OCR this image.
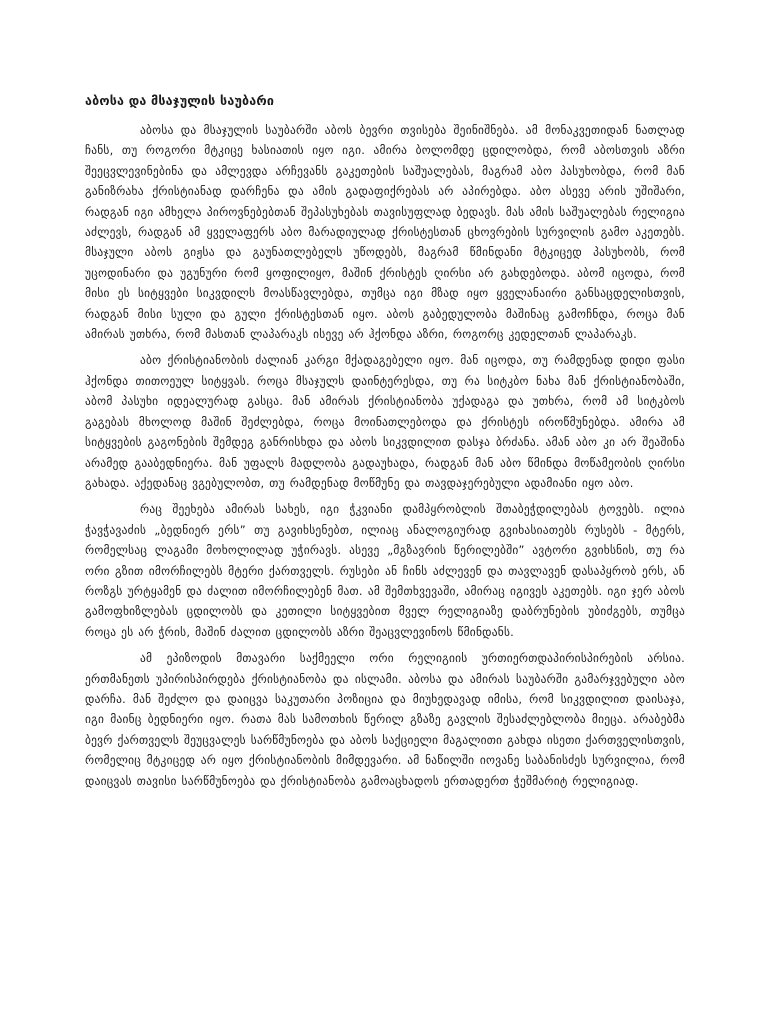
აბოსა და მსაჯულის საუბარი

აბოსა და მსაჯულის საუბარში აბოს ბევრი თვისება შეინიშნება. ამ მონაკვეთიდან ნათლად ჩანს, თუ როგორი მტკიცე ხასიათის იყო იგი. ამირა ბოლომდე ცდილობდა, რომ აბოსთვის აზრი შეეცვლევინებინა და ამლევდა არჩევანს გაკეთების საშუალებას, მაგრამ აბო პასუხობდა, რომ მან განიზრახა ქრისტიანად დარჩენა და ამის გადაფიქრებას არ აპირებდა. აბო ასევე არის უშიშარი, რადგან იგი ამხელა პიროვნებებთან შეპასუხებას თავისუფლად ბედავს. მას ამის საშუალებას რელიგია აძლევს, რადგან ამ ყველაფერს აბო მარადიულად ქრისტესთან ცხოვრების სურვილის გამო აკეთებს. მსაჯული აბოს გიჟსა და გაუნათლებელს უწოდებს, მაგრამ წმინდანი მტკიცედ პასუხობს, რომ უცოდინარი და უგუნური რომ ყოფილიყო, მაშინ ქრისტეს ღირსი არ გახდებოდა. აბომ იცოდა, რომ მისი ეს სიტყვები სიკვდილს მოასწავლებდა, თუმცა იგი მზად იყო ყველანაირი განსაცდელისთვის, რადგან მისი სული და გული ქრისტესთან იყო. აბოს გაბედულობა მაშინაც გამოჩნდა, როცა მან ამირას უთხრა, რომ მასთან ლაპარაკს ისევე არ ჰქონდა აზრი, როგორც კედელთან ლაპარაკს.

აბო ქრისტიანობის ძალიან კარგი მქადაგებელი იყო. მან იცოდა, თუ რამდენად დიდი ფასი ჰქონდა თითოეულ სიტყვას. როცა მსაჯულს დაინტერესდა, თუ რა სიტკბო ნახა მან ქრისტიანობაში, აბომ პასუხი იდეალურად გასცა. მან ამირას ქრისტიანობა უქადაგა და უთხრა, რომ ამ სიტკბოს გაგებას მხოლოდ მაშინ შეძლებდა, როცა მოინათლებოდა და ქრისტეს იროწმუნებდა. ამირა ამ სიტყვების გაგონების შემდეგ განრისხდა და აბოს სიკვდილით დასჯა ბრძანა. ამან აბო კი არ შეაშინა არამედ გააბედნიერა. მან უფალს მადლობა გადაუხადა, რადგან მან აბო წმინდა მოწამეობის ღირსი გახადა. აქედანაც ვგებულობთ, თუ რამდენად მოწმუნე და თავდაჯერებული ადამიანი იყო აბო.

რაც შეეხება ამირას სახეს, იგი ჭკვიანი დამპყრობლის შთაბეჭდილებას ტოვებს. ილია ჭავჭავაძის „ბედნიერ ერს” თუ გავიხსენებთ, ილიაც ანალოგიურად გვიხასიათებს რუსებს - მტერს, რომელსაც ლაგამი მოხოლილად უჭირავს. ასევე „მგზავრის წერილებში” ავტორი გვიხსნის, თუ რა ორი გზით იმორჩილებს მტერი ქართველს. რუსები ან ჩინს აძლევენ და თავლავენ დასაპყრობ ერს, ან როზგს ურტყამენ და ძალით იმორჩილებენ მათ. ამ შემთხვევაში, ამირაც იგივეს აკეთებს. იგი ჯერ აბოს გამოფხიზლებას ცდილობს და კეთილი სიტყვებით მველ რელიგიაზე დაბრუნების უბიძგებს, თუმცა როცა ეს არ ჭრის, მაშინ ძალით ცდილობს აზრი შეაცვლევინოს წმინდანს.

ამ ეპიზოდის მთავარი საქმეელი ორი რელიგიის ურთიერთდაპირისპირების არსია. ერთმანეთს უპირისპირდება ქრისტიანობა და ისლამი. აბოსა და ამირას საუბარში გამარჯვებული აბო დარჩა. მან შეძლო და დაიცვა საკუთარი პოზიცია და მიუხედავად იმისა, რომ სიკვდილით დაისაჯა, იგი მაინც ბედნიერი იყო. რათა მას სამოთხის წერილ გზაზე გავლის შესაძლებლობა მიეცა. არაბებმა ბევრ ქართველს შეუცვალეს სარწმუნოება და აბოს საქციელი მაგალითი გახდა ისეთი ქართველისთვის, რომელიც მტკიცედ არ იყო ქრისტიანობის მიმდევარი. ამ ნაწილში იოვანე საბანისძეს სურვილია, რომ დაიცვას თავისი სარწმუნოება და ქრისტიანობა გამოაცხადოს ერთადერთ ჭეშმარიტ რელიგიად.
